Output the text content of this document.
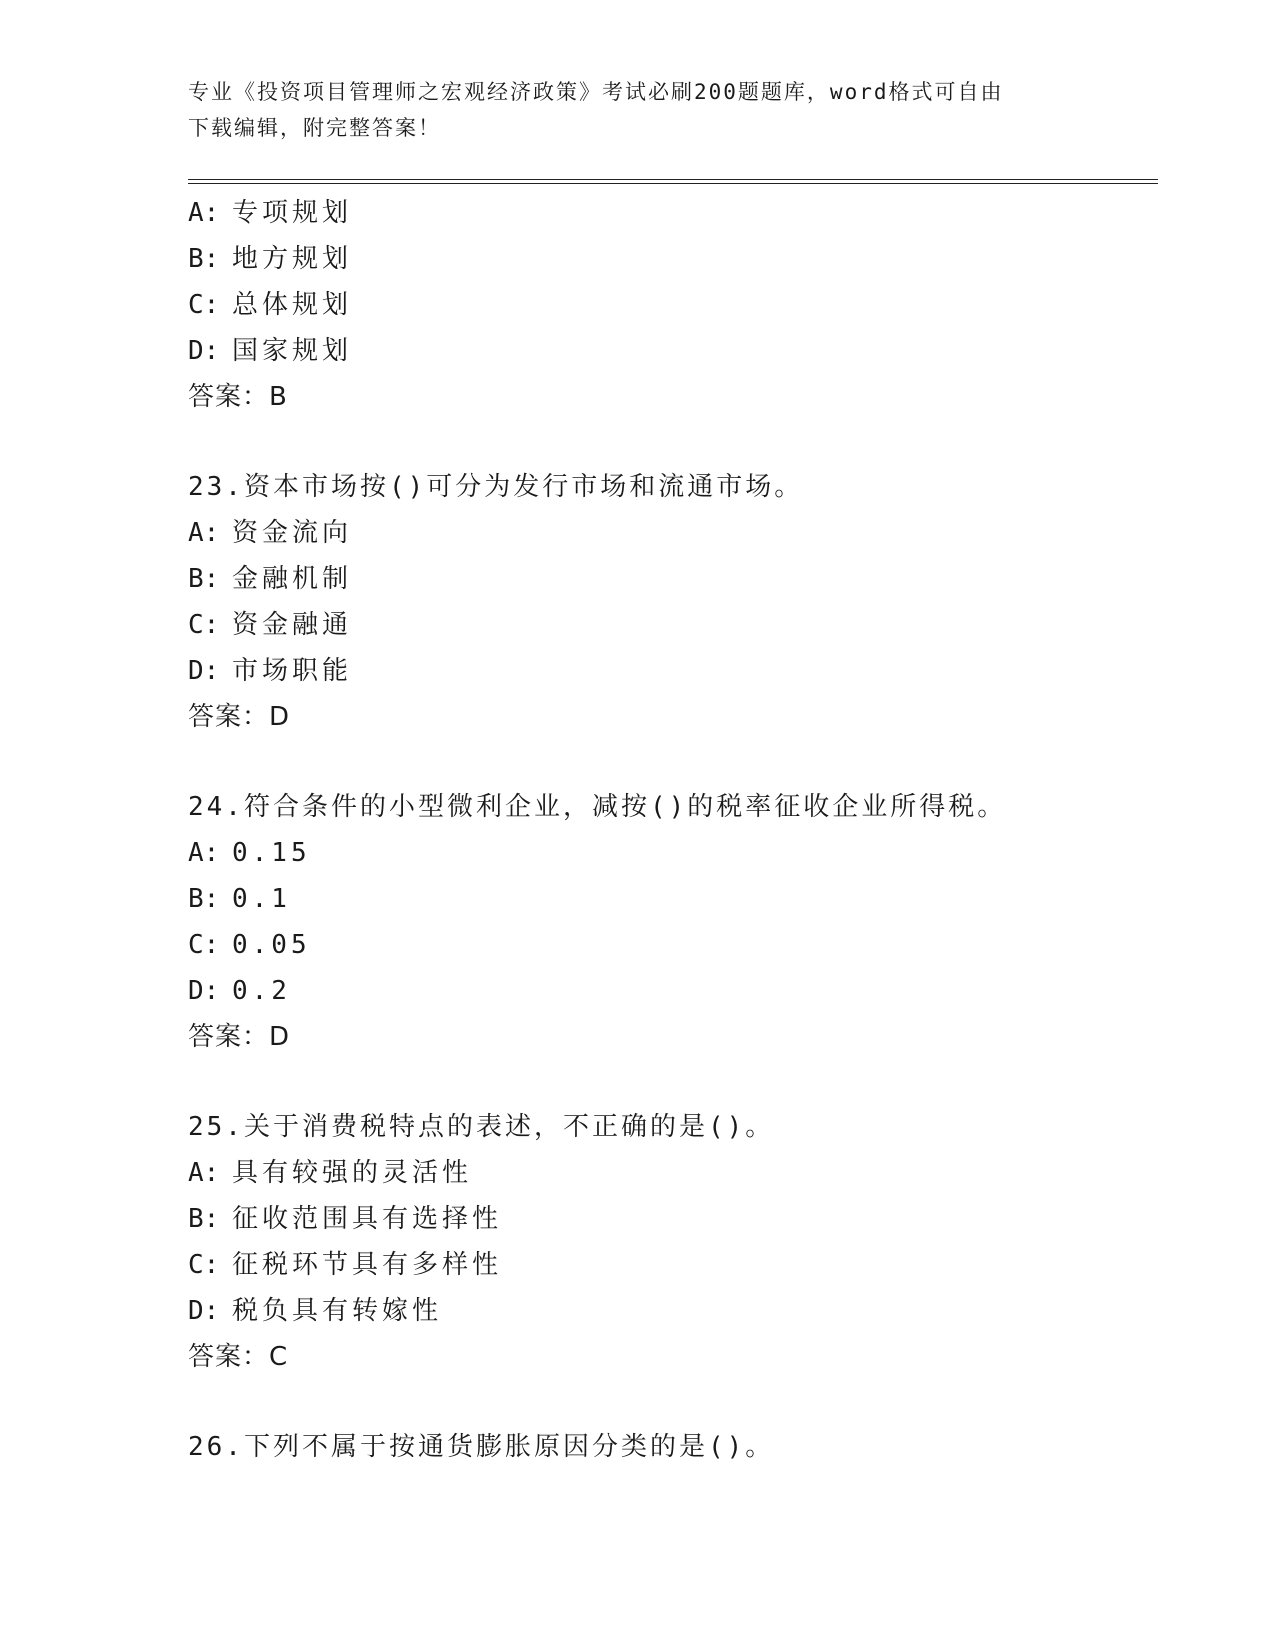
专业《投资项目管理师之宏观经济政策》考试必刷200题题库，word格式可自由

下载编辑，附完整答案！

A: 专项规划
B: 地方规划
C: 总体规划
D: 国家规划
答案：B
23.资本市场按()可分为发行市场和流通市场。
A: 资金流向
B: 金融机制
C: 资金融通
D: 市场职能
答案：D
24.符合条件的小型微利企业，减按()的税率征收企业所得税。
A: 0.15
B: 0.1
C: 0.05
D: 0.2
答案：D
25.关于消费税特点的表述，不正确的是()。
A: 具有较强的灵活性
B: 征收范围具有选择性
C: 征税环节具有多样性
D: 税负具有转嫁性
答案：C
26.下列不属于按通货膨胀原因分类的是()。
